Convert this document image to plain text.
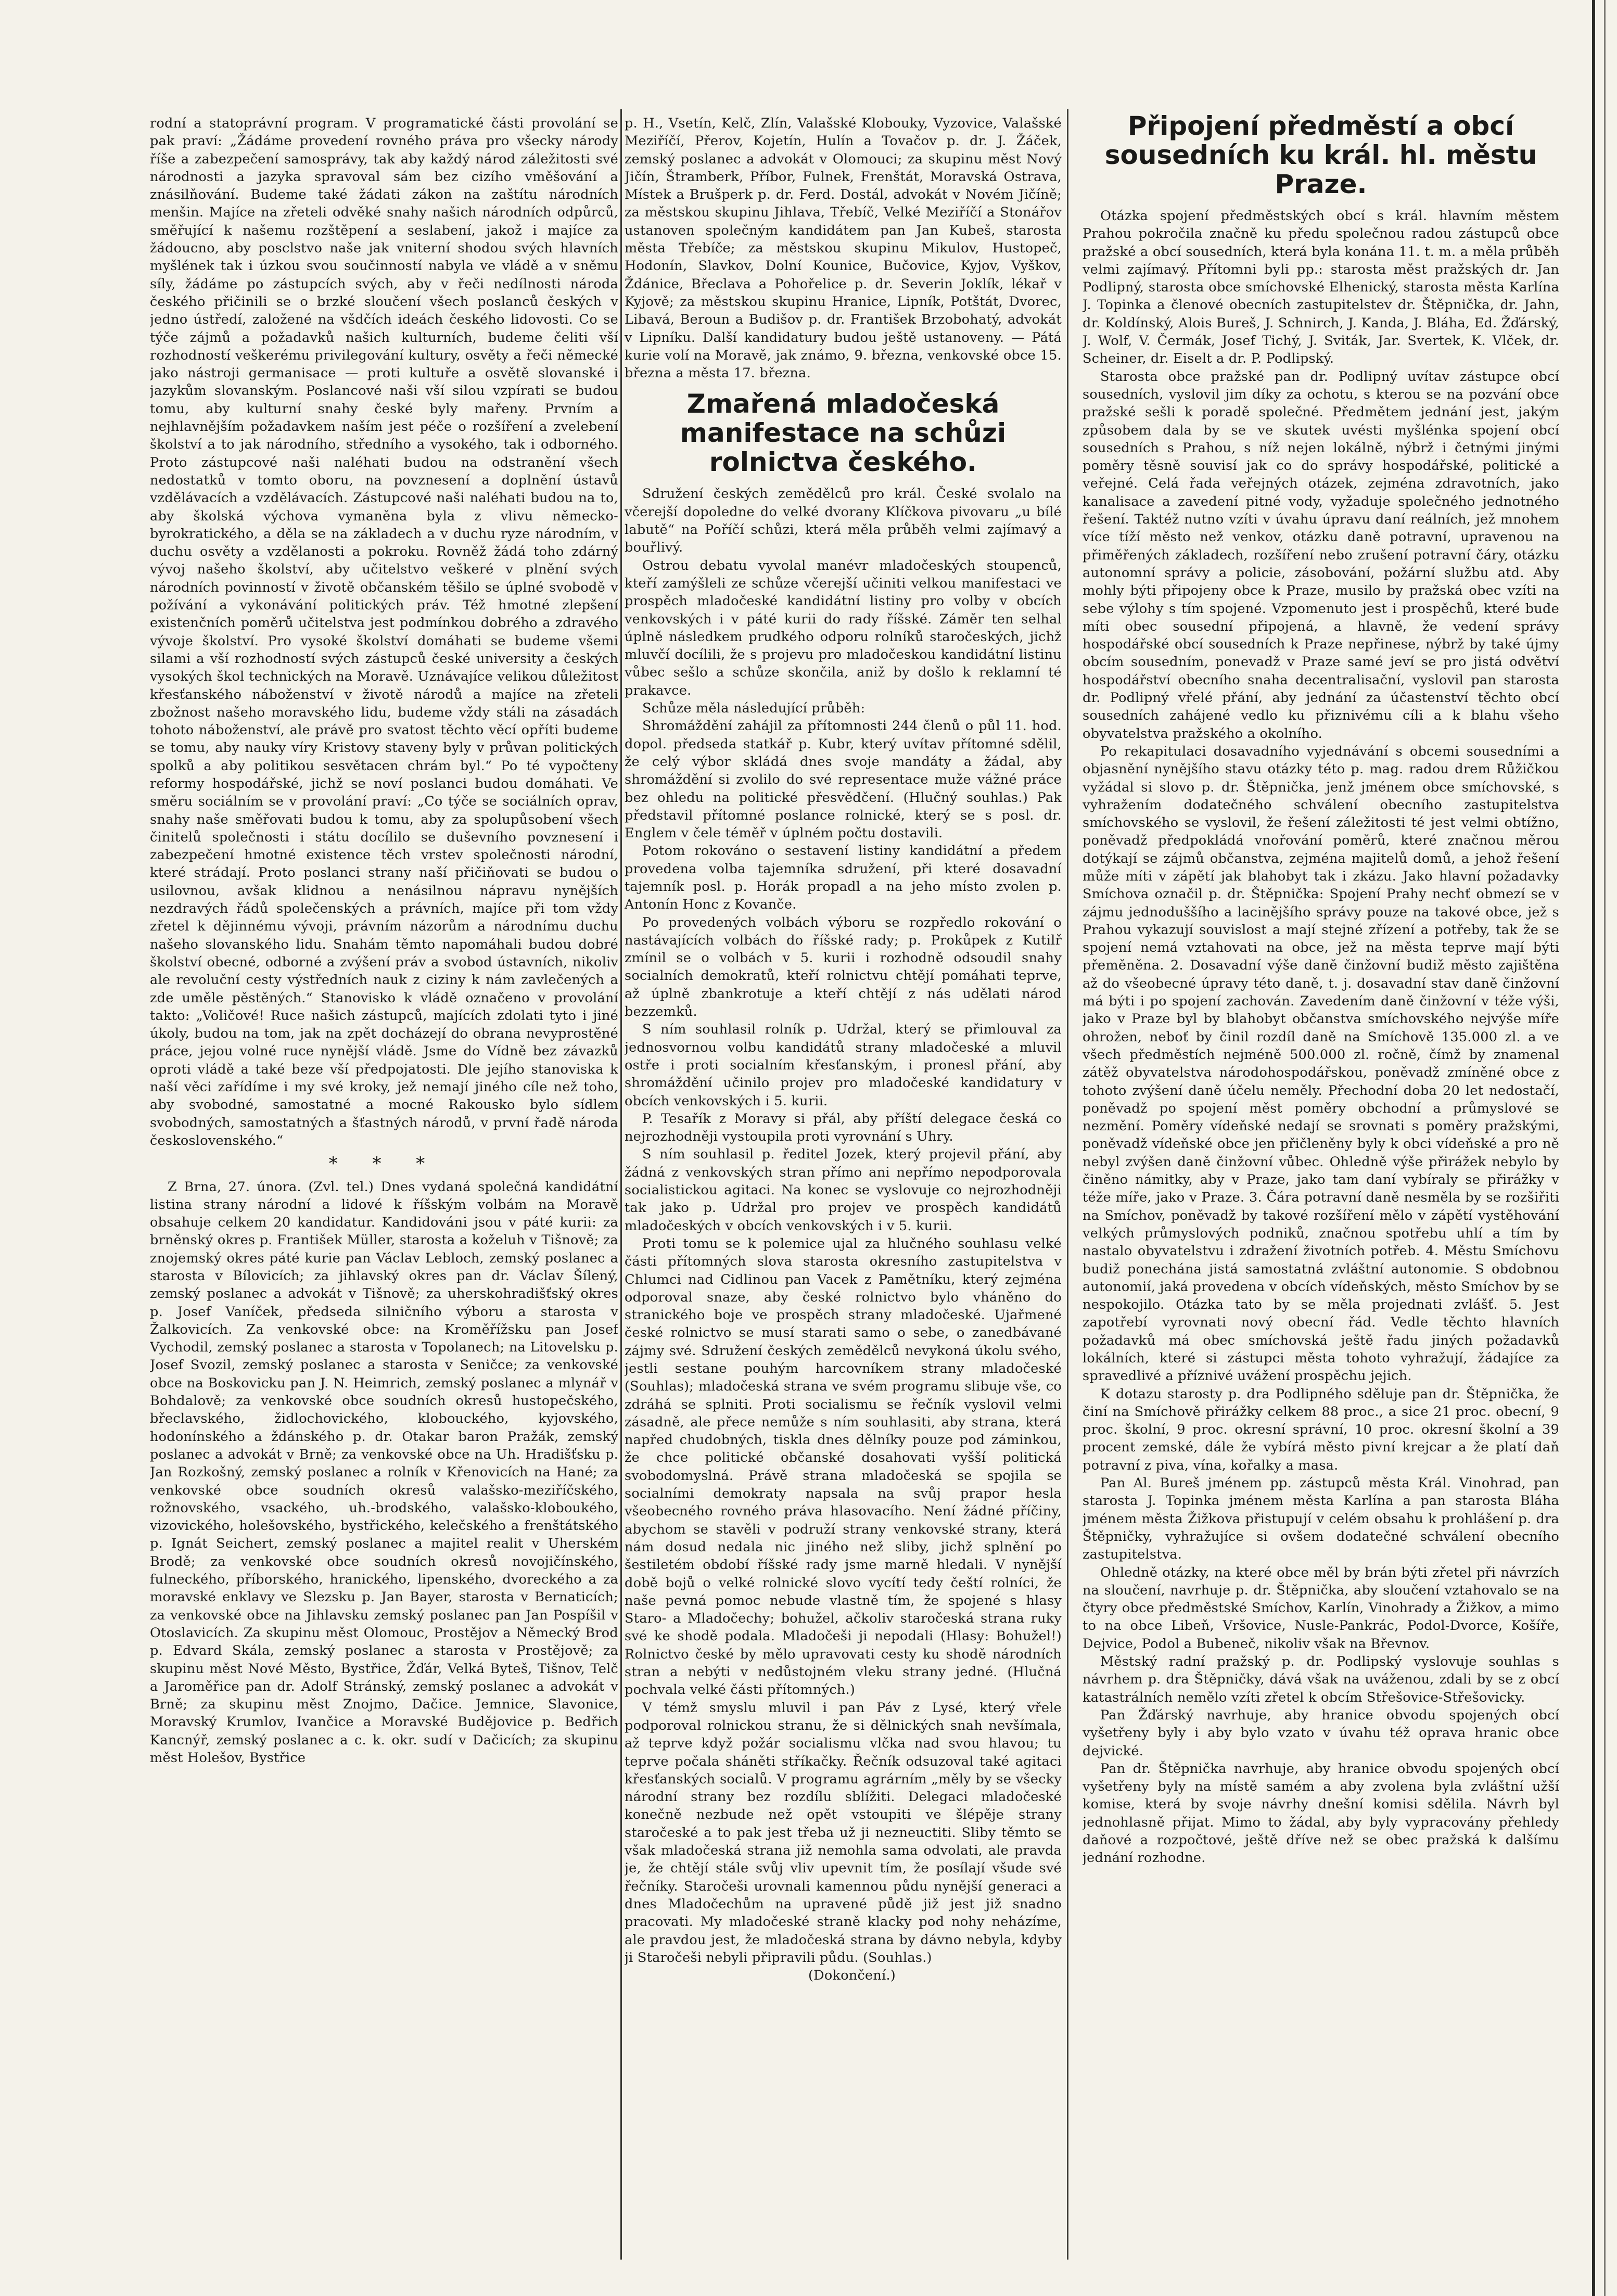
rodní a statoprávní program. V programatické části provolání se pak praví: „Žádáme provedení rovného práva pro všecky národy říše a zabezpečení samosprávy, tak aby každý národ záležitosti své národnosti a jazyka spravoval sám bez cizího vměšování a znásilňování. Budeme také žádati zákon na zaštítu národních menšin. Majíce na zřeteli odvěké snahy našich národních odpůrců, směřující k našemu rozštěpení a seslabení, jakož i majíce za žádoucno, aby posclstvo naše jak vniterní shodou svých hlavních myšlének tak i úzkou svou součinností nabyla ve vládě a v sněmu síly, žádáme po zástupcích svých, aby v řeči nedílnosti národa českého přičinili se o brzké sloučení všech poslanců českých v jedno ústředí, založené na všdčích ideách českého lidovosti. Co se týče zájmů a požadavků našich kulturních, budeme čeliti vší rozhodností veškerému privilegování kultury, osvěty a řeči německé jako nástroji germanisace — proti kultuře a osvětě slovanské i jazykům slovanským. Poslancové naši vší silou vzpírati se budou tomu, aby kulturní snahy české byly mařeny. Prvním a nejhlavnějším požadavkem naším jest péče o rozšíření a zvelebení školství a to jak národního, středního a vysokého, tak i odborného. Proto zástupcové naši naléhati budou na odstranění všech nedostatků v tomto oboru, na povznesení a doplnění ústavů vzdělávacích a vzdělávacích. Zástupcové naši naléhati budou na to, aby školská výchova vymaněna byla z vlivu německo-byrokratického, a děla se na základech a v duchu ryze národním, v duchu osvěty a vzdělanosti a pokroku. Rovněž žádá toho zdárný vývoj našeho školství, aby učitelstvo veškeré v plnění svých národních povinností v životě občanském těšilo se úplné svobodě v požívání a vykonávání politických práv. Též hmotné zlepšení existenčních poměrů učitelstva jest podmínkou dobrého a zdravého vývoje školství. Pro vysoké školství domáhati se budeme všemi silami a vší rozhodností svých zástupců české university a českých vysokých škol technických na Moravě. Uznávajíce velikou důležitost křesťanského náboženství v životě národů a majíce na zřeteli zbožnost našeho moravského lidu, budeme vždy stáli na zásadách tohoto náboženství, ale právě pro svatost těchto věcí opříti budeme se tomu, aby nauky víry Kristovy staveny byly v průvan politických spolků a aby politikou sesvětacen chrám byl.“ Po té vypočteny reformy hospodářské, jichž se noví poslanci budou domáhati. Ve směru sociálním se v provolání praví: „Co týče se sociálních oprav, snahy naše směřovati budou k tomu, aby za spolupůsobení všech činitelů společnosti i státu docílilo se duševního povznesení i zabezpečení hmotné existence těch vrstev společnosti národní, které strádají. Proto poslanci strany naší přičiňovati se budou o usilovnou, avšak klidnou a nenásilnou nápravu nynějších nezdravých řádů společenských a právních, majíce při tom vždy zřetel k dějinnému vývoji, právním názorům a národnímu duchu našeho slovanského lidu. Snahám těmto napomáhali budou dobré školství obecné, odborné a zvýšení práv a svobod ústavních, nikoliv ale revoluční cesty výstředních nauk z ciziny k nám zavlečených a zde uměle pěstěných.“ Stanovisko k vládě označeno v provolání takto: „Voličové! Ruce našich zástupců, majících zdolati tyto i jiné úkoly, budou na tom, jak na zpět docházejí do obrana nevyprostěné práce, jejou volné ruce nynější vládě. Jsme do Vídně bez závazků oproti vládě a také beze vší předpojatosti. Dle jejího stanoviska k naší věci zařídíme i my své kroky, jež nemají jiného cíle než toho, aby svobodné, samostatné a mocné Rakousko bylo sídlem svobodných, samostatných a šťastných národů, v první řadě národa československého.“

* * *

Z Brna, 27. února. (Zvl. tel.) Dnes vydaná společná kandidátní listina strany národní a lidové k říšským volbám na Moravě obsahuje celkem 20 kandidatur. Kandidováni jsou v páté kurii: za brněnský okres p. František Müller, starosta a koželuh v Tišnově; za znojemský okres páté kurie pan Václav Lebloch, zemský poslanec a starosta v Bílovicích; za jihlavský okres pan dr. Václav Šílený, zemský poslanec a advokát v Tišnově; za uherskohradišťský okres p. Josef Vaníček, předseda silničního výboru a starosta v Žalkovicích. Za venkovské obce: na Kroměřížsku pan Josef Vychodil, zemský poslanec a starosta v Topolanech; na Litovelsku p. Josef Svozil, zemský poslanec a starosta v Seničce; za venkovské obce na Boskovicku pan J. N. Heimrich, zemský poslanec a mlynář v Bohdalově; za venkovské obce soudních okresů hustopečského, břeclavského, židlochovického, klobouckého, kyjovského, hodonínského a ždánského p. dr. Otakar baron Pražák, zemský poslanec a advokát v Brně; za venkovské obce na Uh. Hradišťsku p. Jan Rozkošný, zemský poslanec a rolník v Křenovicích na Hané; za venkovské obce soudních okresů valašsko-meziříčského, rožnovského, vsackého, uh.-brodského, valašsko-kloboukého, vizovického, holešovského, bystřického, kelečského a frenštátského p. Ignát Seichert, zemský poslanec a majitel realit v Uherském Brodě; za venkovské obce soudních okresů novojičínského, fulneckého, příborského, hranického, lipenského, dvoreckého a za moravské enklavy ve Slezsku p. Jan Bayer, starosta v Bernaticích; za venkovské obce na Jihlavsku zemský poslanec pan Jan Pospíšil v Otoslavicích. Za skupinu měst Olomouc, Prostějov a Německý Brod p. Edvard Skála, zemský poslanec a starosta v Prostějově; za skupinu měst Nové Město, Bystřice, Žďár, Velká Byteš, Tišnov, Telč a Jaroměřice pan dr. Adolf Stránský, zemský poslanec a advokát v Brně; za skupinu měst Znojmo, Dačice. Jemnice, Slavonice, Moravský Krumlov, Ivančice a Moravské Budějovice p. Bedřich Kancnýř, zemský poslanec a c. k. okr. sudí v Dačicích; za skupinu měst Holešov, Bystřice

p. H., Vsetín, Kelč, Zlín, Valašské Klobouky, Vyzovice, Valašské Meziříčí, Přerov, Kojetín, Hulín a Tovačov p. dr. J. Žáček, zemský poslanec a advokát v Olomouci; za skupinu měst Nový Jičín, Štramberk, Příbor, Fulnek, Frenštát, Moravská Ostrava, Místek a Brušperk p. dr. Ferd. Dostál, advokát v Novém Jičíně; za městskou skupinu Jihlava, Třebíč, Velké Meziříčí a Stonářov ustanoven společným kandidátem pan Jan Kubeš, starosta města Třebíče; za městskou skupinu Mikulov, Hustopeč, Hodonín, Slavkov, Dolní Kounice, Bučovice, Kyjov, Vyškov, Ždánice, Břeclava a Pohořelice p. dr. Severin Joklík, lékař v Kyjově; za městskou skupinu Hranice, Lipník, Potštát, Dvorec, Libavá, Beroun a Budišov p. dr. František Brzobohatý, advokát v Lipníku. Další kandidatury budou ještě ustanoveny. — Pátá kurie volí na Moravě, jak známo, 9. března, venkovské obce 15. března a města 17. března.

Zmařená mladočeská manifestace na schůzi rolnictva českého.

Sdružení českých zemědělců pro král. České svolalo na včerejší dopoledne do velké dvorany Klíčkova pivovaru „u bílé labutě“ na Poříčí schůzi, která měla průběh velmi zajímavý a bouřlivý.

Ostrou debatu vyvolal manévr mladočeských stoupenců, kteří zamýšleli ze schůze včerejší učiniti velkou manifestaci ve prospěch mladočeské kandidátní listiny pro volby v obcích venkovských i v páté kurii do rady říšské. Záměr ten selhal úplně následkem prudkého odporu rolníků staročeských, jichž mluvčí docílili, že s projevu pro mladočeskou kandidátní listinu vůbec sešlo a schůze skončila, aniž by došlo k reklamní té prakavce.

Schůze měla následující průběh:

Shromáždění zahájil za přítomnosti 244 členů o půl 11. hod. dopol. předseda statkář p. Kubr, který uvítav přítomné sdělil, že celý výbor skládá dnes svoje mandáty a žádal, aby shromáždění si zvolilo do své representace muže vážné práce bez ohledu na politické přesvědčení. (Hlučný souhlas.) Pak představil přítomné poslance rolnické, který se s posl. dr. Englem v čele téměř v úplném počtu dostavili.

Potom rokováno o sestavení listiny kandidátní a předem provedena volba tajemníka sdružení, při které dosavadní tajemník posl. p. Horák propadl a na jeho místo zvolen p. Antonín Honc z Kovanče.

Po provedených volbách výboru se rozpředlo rokování o nastávajících volbách do říšské rady; p. Prokůpek z Kutilř zmínil se o volbách v 5. kurii i rozhodně odsoudil snahy socialních demokratů, kteří rolnictvu chtějí pomáhati teprve, až úplně zbankrotuje a kteří chtějí z nás udělati národ bezzemků.

S ním souhlasil rolník p. Udržal, který se přimlouval za jednosvornou volbu kandidátů strany mladočeské a mluvil ostře i proti socialním křesťanským, i pronesl přání, aby shromáždění učinilo projev pro mladočeské kandidatury v obcích venkovských i 5. kurii.

P. Tesařík z Moravy si přál, aby příští delegace česká co nejrozhodněji vystoupila proti vyrovnání s Uhry.

S ním souhlasil p. ředitel Jozek, který projevil přání, aby žádná z venkovských stran přímo ani nepřímo nepodporovala socialistickou agitaci. Na konec se vyslovuje co nejrozhodněji tak jako p. Udržal pro projev ve prospěch kandidátů mladočeských v obcích venkovských i v 5. kurii.

Proti tomu se k polemice ujal za hlučného souhlasu velké části přítomných slova starosta okresního zastupitelstva v Chlumci nad Cidlinou pan Vacek z Pamětníku, který zejména odporoval snaze, aby české rolnictvo bylo vháněno do stranického boje ve prospěch strany mladočeské. Ujařmené české rolnictvo se musí starati samo o sebe, o zanedbávané zájmy své. Sdružení českých zemědělců nevykoná úkolu svého, jestli sestane pouhým harcovníkem strany mladočeské (Souhlas); mladočeská strana ve svém programu slibuje vše, co zdráhá se splniti. Proti socialismu se řečník vyslovil velmi zásadně, ale přece nemůže s ním souhlasiti, aby strana, která napřed chudobných, tiskla dnes dělníky pouze pod záminkou, že chce politické občanské dosahovati vyšší politická svobodomyslná. Právě strana mladočeská se spojila se socialními demokraty napsala na svůj prapor hesla všeobecného rovného práva hlasovacího. Není žádné příčiny, abychom se stavěli v podruží strany venkovské strany, která nám dosud nedala nic jiného než sliby, jichž splnění po šestiletém období říšské rady jsme marně hledali. V nynější době bojů o velké rolnické slovo vycítí tedy čeští rolníci, že naše pevná pomoc nebude vlastně tím, že spojené s hlasy Staro- a Mladočechy; bohužel, ačkoliv staročeská strana ruky své ke shodě podala. Mladočeši ji nepodali (Hlasy: Bohužel!) Rolnictvo české by mělo upravovati cesty ku shodě národních stran a nebýti v nedůstojném vleku strany jedné. (Hlučná pochvala velké části přítomných.)

V témž smyslu mluvil i pan Páv z Lysé, který vřele podporoval rolnickou stranu, že si dělnických snah nevšímala, až teprve když požár socialismu vlčka nad svou hlavou; tu teprve počala sháněti stříkačky. Řečník odsuzoval také agitaci křesťanských socialů. V programu agrárním „měly by se všecky národní strany bez rozdílu sblížiti. Delegaci mladočeské konečně nezbude než opět vstoupiti ve šlépěje strany staročeské a to pak jest třeba už ji nezneuctiti. Sliby těmto se však mladočeská strana již nemohla sama odvolati, ale pravda je, že chtějí stále svůj vliv upevnit tím, že posílají všude své řečníky. Staročeši urovnali kamennou půdu nynější generaci a dnes Mladočechům na upravené půdě již jest již snadno pracovati. My mladočeské straně klacky pod nohy neházíme, ale pravdou jest, že mladočeská strana by dávno nebyla, kdyby ji Staročeši nebyli připravili půdu. (Souhlas.)

(Dokončení.)

Připojení předměstí a obcí sousedních ku král. hl. městu Praze.

Otázka spojení předměstských obcí s král. hlavním městem Prahou pokročila značně ku předu společnou radou zástupců obce pražské a obcí sousedních, která byla konána 11. t. m. a měla průběh velmi zajímavý. Přítomni byli pp.: starosta měst pražských dr. Jan Podlipný, starosta obce smíchovské Elhenický, starosta města Karlína J. Topinka a členové obecních zastupitelstev dr. Štěpnička, dr. Jahn, dr. Koldínský, Alois Bureš, J. Schnirch, J. Kanda, J. Bláha, Ed. Žďárský, J. Wolf, V. Čermák, Josef Tichý, J. Sviták, Jar. Svertek, K. Vlček, dr. Scheiner, dr. Eiselt a dr. P. Podlipský.

Starosta obce pražské pan dr. Podlipný uvítav zástupce obcí sousedních, vyslovil jim díky za ochotu, s kterou se na pozvání obce pražské sešli k poradě společné. Předmětem jednání jest, jakým způsobem dala by se ve skutek uvésti myšlénka spojení obcí sousedních s Prahou, s níž nejen lokálně, nýbrž i četnými jinými poměry těsně souvisí jak co do správy hospodářské, politické a veřejné. Celá řada veřejných otázek, zejména zdravotních, jako kanalisace a zavedení pitné vody, vyžaduje společného jednotného řešení. Taktéž nutno vzíti v úvahu úpravu daní reálních, jež mnohem více tíží město než venkov, otázku daně potravní, upravenou na přiměřených základech, rozšíření nebo zrušení potravní čáry, otázku autonomní správy a policie, zásobování, požární službu atd. Aby mohly býti připojeny obce k Praze, musilo by pražská obec vzíti na sebe výlohy s tím spojené. Vzpomenuto jest i prospěchů, které bude míti obec sousední připojená, a hlavně, že vedení správy hospodářské obcí sousedních k Praze nepřinese, nýbrž by také újmy obcím sousedním, ponevadž v Praze samé jeví se pro jistá odvětví hospodářství obecního snaha decentralisační, vyslovil pan starosta dr. Podlipný vřelé přání, aby jednání za účastenství těchto obcí sousedních zahájené vedlo ku přiznivému cíli a k blahu všeho obyvatelstva pražského a okolního.

Po rekapitulaci dosavadního vyjednávání s obcemi sousedními a objasnění nynějšího stavu otázky této p. mag. radou drem Růžičkou vyžádal si slovo p. dr. Štěpnička, jenž jménem obce smíchovské, s vyhražením dodatečného schválení obecního zastupitelstva smíchovského se vyslovil, že řešení záležitosti té jest velmi obtížno, poněvadž předpokládá vnořování poměrů, které značnou měrou dotýkají se zájmů občanstva, zejména majitelů domů, a jehož řešení může míti v zápětí jak blahobyt tak i zkázu. Jako hlavní požadavky Smíchova označil p. dr. Štěpnička: Spojení Prahy nechť obmezí se v zájmu jednoduššího a lacinějšího správy pouze na takové obce, jež s Prahou vykazují souvislost a mají stejné zřízení a potřeby, tak že se spojení nemá vztahovati na obce, jež na města teprve mají býti přeměněna. 2. Dosavadní výše daně činžovní budiž město zajištěna až do všeobecné úpravy této daně, t. j. dosavadní stav daně činžovní má býti i po spojení zachován. Zavedením daně činžovní v téže výši, jako v Praze byl by blahobyt občanstva smíchovského nejvýše míře ohrožen, neboť by činil rozdíl daně na Smíchově 135.000 zl. a ve všech předměstích nejméně 500.000 zl. ročně, čímž by znamenal zátěž obyvatelstva národohospodářskou, poněvadž zmíněné obce z tohoto zvýšení daně účelu neměly. Přechodní doba 20 let nedostačí, poněvadž po spojení měst poměry obchodní a průmyslové se nezmění. Poměry vídeňské nedají se srovnati s poměry pražskými, poněvadž vídeňské obce jen přičleněny byly k obci vídeňské a pro ně nebyl zvýšen daně činžovní vůbec. Ohledně výše přirážek nebylo by činěno námitky, aby v Praze, jako tam daní vybíraly se přirážky v téže míře, jako v Praze. 3. Čára potravní daně nesměla by se rozšiřiti na Smíchov, poněvadž by takové rozšíření mělo v zápětí vystěhování velkých průmyslových podniků, značnou spotřebu uhlí a tím by nastalo obyvatelstvu i zdražení životních potřeb. 4. Městu Smíchovu budiž ponechána jistá samostatná zvláštní autonomie. S obdobnou autonomií, jaká provedena v obcích vídeňských, město Smíchov by se nespokojilo. Otázka tato by se měla projednati zvlášť. 5. Jest zapotřebí vyrovnati nový obecní řád. Vedle těchto hlavních požadavků má obec smíchovská ještě řadu jiných požadavků lokálních, které si zástupci města tohoto vyhražují, žádajíce za spravedlivé a příznivé uvážení prospěchu jejich.

K dotazu starosty p. dra Podlipného sděluje pan dr. Štěpnička, že činí na Smíchově přirážky celkem 88 proc., a sice 21 proc. obecní, 9 proc. školní, 9 proc. okresní správní, 10 proc. okresní školní a 39 procent zemské, dále že vybírá město pivní krejcar a že platí daň potravní z piva, vína, kořalky a masa.

Pan Al. Bureš jménem pp. zástupců města Král. Vinohrad, pan starosta J. Topinka jménem města Karlína a pan starosta Bláha jménem města Žižkova přistupují v celém obsahu k prohlášení p. dra Štěpničky, vyhražujíce si ovšem dodatečné schválení obecního zastupitelstva.

Ohledně otázky, na které obce měl by brán býti zřetel při návrzích na sloučení, navrhuje p. dr. Štěpnička, aby sloučení vztahovalo se na čtyry obce předměstské Smíchov, Karlín, Vinohrady a Žižkov, a mimo to na obce Libeň, Vršovice, Nusle-Pankrác, Podol-Dvorce, Košíře, Dejvice, Podol a Bubeneč, nikoliv však na Břevnov.

Městský radní pražský p. dr. Podlipský vyslovuje souhlas s návrhem p. dra Štěpničky, dává však na uváženou, zdali by se z obcí katastrálních nemělo vzíti zřetel k obcím Střešovice-Střešovicky.

Pan Žďárský navrhuje, aby hranice obvodu spojených obcí vyšetřeny byly i aby bylo vzato v úvahu též oprava hranic obce dejvické.

Pan dr. Štěpnička navrhuje, aby hranice obvodu spojených obcí vyšetřeny byly na místě samém a aby zvolena byla zvláštní užší komise, která by svoje návrhy dnešní komisi sdělila. Návrh byl jednohlasně přijat. Mimo to žádal, aby byly vypracovány přehledy daňové a rozpočtové, ještě dříve než se obec pražská k dalšímu jednání rozhodne.
